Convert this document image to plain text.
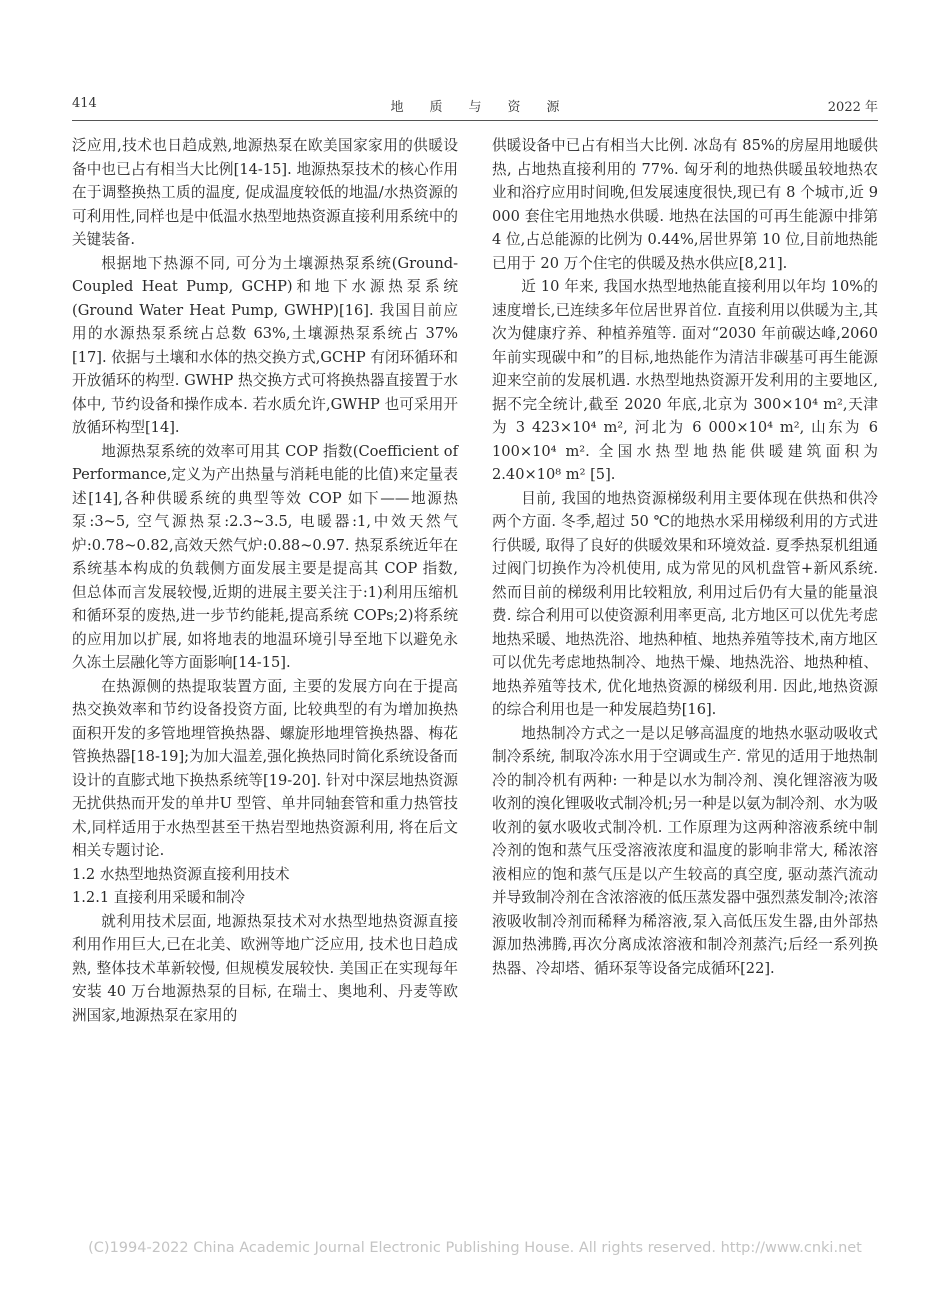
414	地质与资源	2022 年

泛应用,技术也日趋成熟,地源热泵在欧美国家家用的供暖设备中也已占有相当大比例[14-15]. 地源热泵技术的核心作用在于调整换热工质的温度, 促成温度较低的地温/水热资源的可利用性,同样也是中低温水热型地热资源直接利用系统中的关键装备.

根据地下热源不同, 可分为土壤源热泵系统(Ground-Coupled Heat Pump, GCHP)和地下水源热泵系统(Ground Water Heat Pump, GWHP)[16]. 我国目前应用的水源热泵系统占总数 63%,土壤源热泵系统占 37%[17]. 依据与土壤和水体的热交换方式,GCHP 有闭环循环和开放循环的构型. GWHP 热交换方式可将换热器直接置于水体中, 节约设备和操作成本. 若水质允许,GWHP 也可采用开放循环构型[14].

地源热泵系统的效率可用其 COP 指数(Coefficient of Performance,定义为产出热量与消耗电能的比值)来定量表述[14],各种供暖系统的典型等效 COP 如下——地源热泵:3~5, 空气源热泵:2.3~3.5, 电暖器:1,中效天然气炉:0.78~0.82,高效天然气炉:0.88~0.97. 热泵系统近年在系统基本构成的负载侧方面发展主要是提高其 COP 指数, 但总体而言发展较慢,近期的进展主要关注于:1)利用压缩机和循环泵的废热,进一步节约能耗,提高系统 COPs;2)将系统的应用加以扩展, 如将地表的地温环境引导至地下以避免永久冻土层融化等方面影响[14-15].

在热源侧的热提取装置方面, 主要的发展方向在于提高热交换效率和节约设备投资方面, 比较典型的有为增加换热面积开发的多管地埋管换热器、螺旋形地埋管换热器、梅花管换热器[18-19];为加大温差,强化换热同时简化系统设备而设计的直膨式地下换热系统等[19-20]. 针对中深层地热资源无扰供热而开发的单井U 型管、单井同轴套管和重力热管技术,同样适用于水热型甚至干热岩型地热资源利用, 将在后文相关专题讨论.

1.2 水热型地热资源直接利用技术

1.2.1 直接利用采暖和制冷

就利用技术层面, 地源热泵技术对水热型地热资源直接利用作用巨大,已在北美、欧洲等地广泛应用, 技术也日趋成熟, 整体技术革新较慢, 但规模发展较快. 美国正在实现每年安装 40 万台地源热泵的目标, 在瑞士、奥地利、丹麦等欧洲国家,地源热泵在家用的

供暖设备中已占有相当大比例. 冰岛有 85%的房屋用地暖供热, 占地热直接利用的 77%. 匈牙利的地热供暖虽较地热农业和浴疗应用时间晚,但发展速度很快,现已有 8 个城市,近 9 000 套住宅用地热水供暖. 地热在法国的可再生能源中排第 4 位,占总能源的比例为 0.44%,居世界第 10 位,目前地热能已用于 20 万个住宅的供暖及热水供应[8,21].

近 10 年来, 我国水热型地热能直接利用以年均 10%的速度增长,已连续多年位居世界首位. 直接利用以供暖为主,其次为健康疗养、种植养殖等. 面对“2030 年前碳达峰,2060 年前实现碳中和”的目标,地热能作为清洁非碳基可再生能源迎来空前的发展机遇. 水热型地热资源开发利用的主要地区,据不完全统计,截至 2020 年底,北京为 300×10⁴ m²,天津为 3 423×10⁴ m², 河北为 6 000×10⁴ m², 山东为 6 100×10⁴ m². 全国水热型地热能供暖建筑面积为 2.40×10⁸ m² [5].

目前, 我国的地热资源梯级利用主要体现在供热和供冷两个方面. 冬季,超过 50 ℃的地热水采用梯级利用的方式进行供暖, 取得了良好的供暖效果和环境效益. 夏季热泵机组通过阀门切换作为冷机使用, 成为常见的风机盘管+新风系统. 然而目前的梯级利用比较粗放, 利用过后仍有大量的能量浪费. 综合利用可以使资源利用率更高, 北方地区可以优先考虑地热采暖、地热洗浴、地热种植、地热养殖等技术,南方地区可以优先考虑地热制冷、地热干燥、地热洗浴、地热种植、地热养殖等技术, 优化地热资源的梯级利用. 因此,地热资源的综合利用也是一种发展趋势[16].

地热制冷方式之一是以足够高温度的地热水驱动吸收式制冷系统, 制取冷冻水用于空调或生产. 常见的适用于地热制冷的制冷机有两种: 一种是以水为制冷剂、溴化锂溶液为吸收剂的溴化锂吸收式制冷机;另一种是以氨为制冷剂、水为吸收剂的氨水吸收式制冷机. 工作原理为这两种溶液系统中制冷剂的饱和蒸气压受溶液浓度和温度的影响非常大, 稀浓溶液相应的饱和蒸气压是以产生较高的真空度, 驱动蒸汽流动并导致制冷剂在含浓溶液的低压蒸发器中强烈蒸发制冷;浓溶液吸收制冷剂而稀释为稀溶液,泵入高低压发生器,由外部热源加热沸腾,再次分离成浓溶液和制冷剂蒸汽;后经一系列换热器、冷却塔、循环泵等设备完成循环[22].

(C)1994-2022 China Academic Journal Electronic Publishing House. All rights reserved. http://www.cnki.net
